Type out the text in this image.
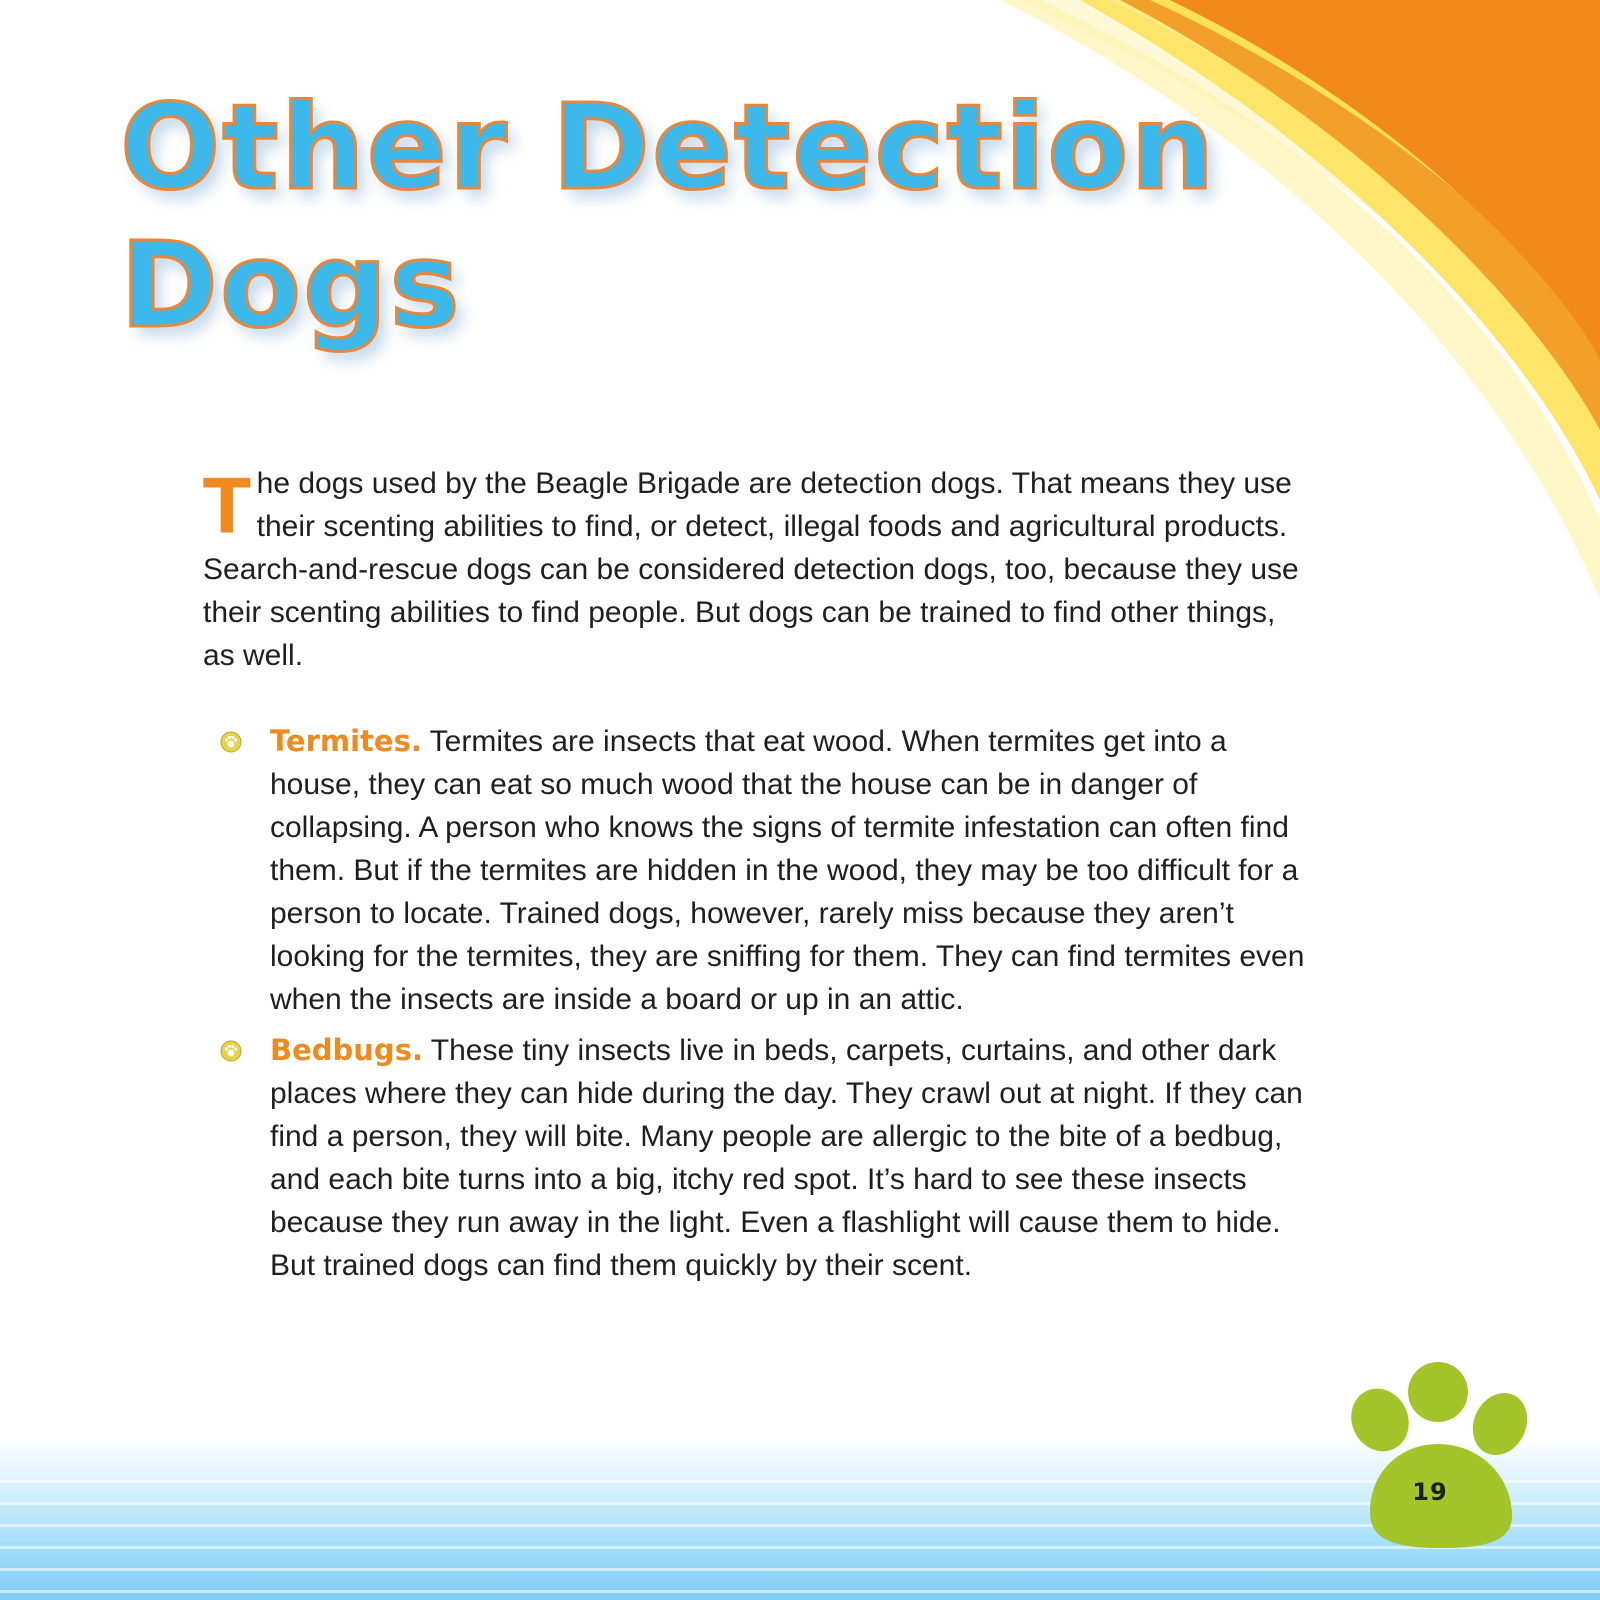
Other Detection
Dogs

The dogs used by the Beagle Brigade are detection dogs. That means they use their scenting abilities to find, or detect, illegal foods and agricultural products. Search-and-rescue dogs can be considered detection dogs, too, because they use their scenting abilities to find people. But dogs can be trained to find other things, as well.

Termites. Termites are insects that eat wood. When termites get into a house, they can eat so much wood that the house can be in danger of collapsing. A person who knows the signs of termite infestation can often find them. But if the termites are hidden in the wood, they may be too difficult for a person to locate. Trained dogs, however, rarely miss because they aren’t looking for the termites, they are sniffing for them. They can find termites even when the insects are inside a board or up in an attic.
Bedbugs. These tiny insects live in beds, carpets, curtains, and other dark places where they can hide during the day. They crawl out at night. If they can find a person, they will bite. Many people are allergic to the bite of a bedbug, and each bite turns into a big, itchy red spot. It’s hard to see these insects because they run away in the light. Even a flashlight will cause them to hide. But trained dogs can find them quickly by their scent.
19
